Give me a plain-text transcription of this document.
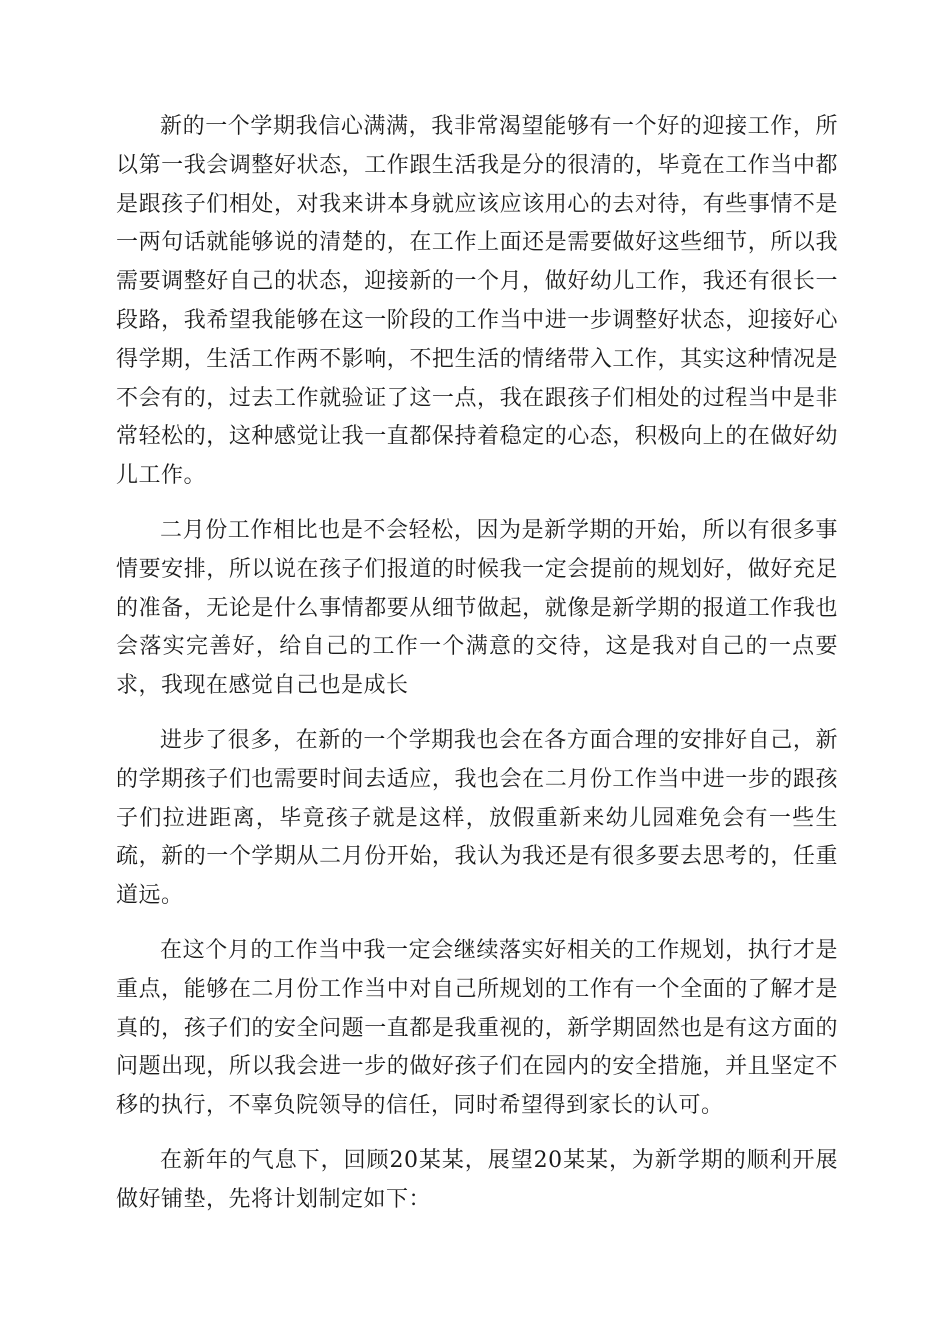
新的一个学期我信心满满，我非常渴望能够有一个好的迎接工作，所以第一我会调整好状态，工作跟生活我是分的很清的，毕竟在工作当中都是跟孩子们相处，对我来讲本身就应该应该用心的去对待，有些事情不是一两句话就能够说的清楚的，在工作上面还是需要做好这些细节，所以我需要调整好自己的状态，迎接新的一个月，做好幼儿工作，我还有很长一段路，我希望我能够在这一阶段的工作当中进一步调整好状态，迎接好心得学期，生活工作两不影响，不把生活的情绪带入工作，其实这种情况是不会有的，过去工作就验证了这一点，我在跟孩子们相处的过程当中是非常轻松的，这种感觉让我一直都保持着稳定的心态，积极向上的在做好幼儿工作。

二月份工作相比也是不会轻松，因为是新学期的开始，所以有很多事情要安排，所以说在孩子们报道的时候我一定会提前的规划好，做好充足的准备，无论是什么事情都要从细节做起，就像是新学期的报道工作我也会落实完善好，给自己的工作一个满意的交待，这是我对自己的一点要求，我现在感觉自己也是成长

进步了很多，在新的一个学期我也会在各方面合理的安排好自己，新的学期孩子们也需要时间去适应，我也会在二月份工作当中进一步的跟孩子们拉进距离，毕竟孩子就是这样，放假重新来幼儿园难免会有一些生疏，新的一个学期从二月份开始，我认为我还是有很多要去思考的，任重道远。

在这个月的工作当中我一定会继续落实好相关的工作规划，执行才是重点，能够在二月份工作当中对自己所规划的工作有一个全面的了解才是真的，孩子们的安全问题一直都是我重视的，新学期固然也是有这方面的问题出现，所以我会进一步的做好孩子们在园内的安全措施，并且坚定不移的执行，不辜负院领导的信任，同时希望得到家长的认可。

在新年的气息下，回顾20某某，展望20某某，为新学期的顺利开展做好铺垫，先将计划制定如下：
